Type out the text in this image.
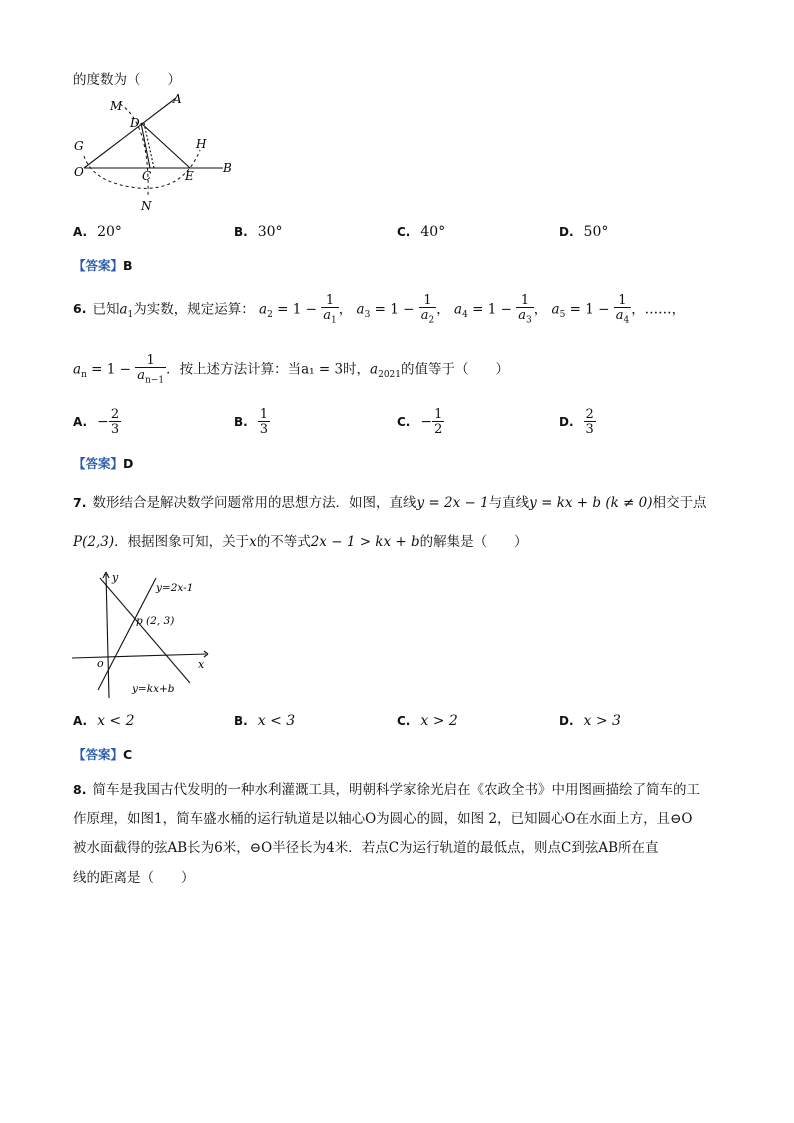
的度数为（　　）
M	A
D
G	H
O	C	E
B
N
A. 20°	B. 30°	C. 40°	D. 50°
【答案】B
6. 已知$a_1$为实数，规定运算： $a_2 = 1 - \frac{1}{a_1}$ ， $a_3 = 1 - \frac{1}{a_2}$ ， $a_4 = 1 - \frac{1}{a_3}$ ， $a_5 = 1 - \frac{1}{a_4}$ ，……，
$a_n = 1 - \frac{1}{a_{n-1}}$ ．按上述方法计算：当a₁ = 3时，$a_{2021}$的值等于（　　）
A. − $\frac{2}{3}$	B. $\frac{1}{3}$	C. − $\frac{1}{2}$	D. $\frac{2}{3}$
【答案】D
7. 数形结合是解决数学问题常用的思想方法．如图，直线y = 2x − 1与直线y = kx + b (k ≠ 0)相交于点
P(2,3)．根据图象可知，关于x的不等式2x − 1 > kx + b的解集是（　　）
y
x
o
y=2x-1
p (2, 3)
y=kx+b
A. x < 2	B. x < 3	C. x > 2	D. x > 3
【答案】C
8. 简车是我国古代发明的一种水利灌溉工具，明朝科学家徐光启在《农政全书》中用图画描绘了简车的工
作原理，如图1，简车盛水桶的运行轨道是以轴心O为圆心的圆，如图 2，已知圆心O在水面上方，且⊖O
被水面截得的弦AB长为6米，⊖O半径长为4米．若点C为运行轨道的最低点，则点C到弦AB所在直
线的距离是（　　）
